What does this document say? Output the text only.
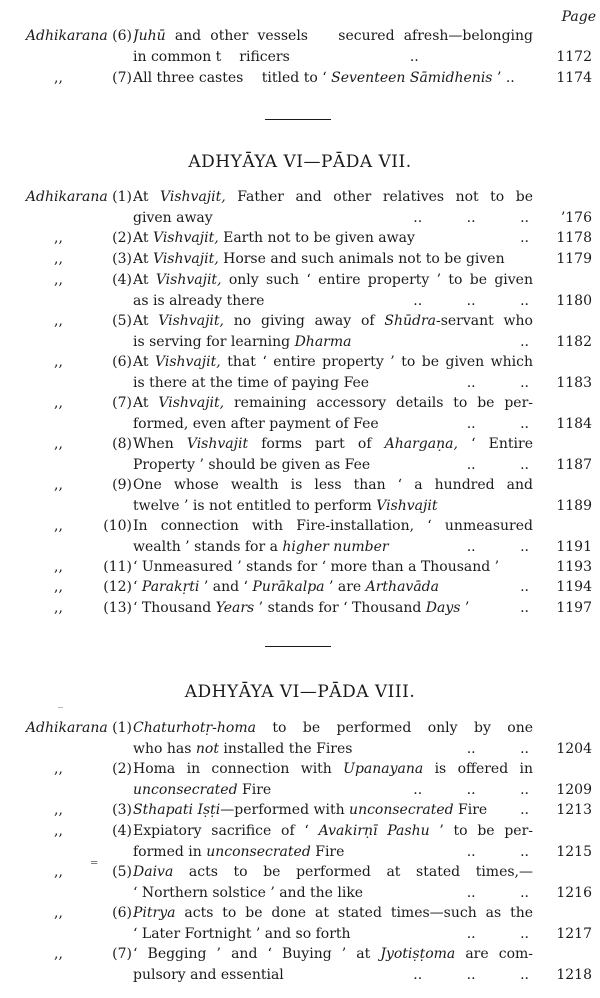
Page
Adhikarana (6) Juhū and other vessels  secured afresh—belonging
in common t rificers	..	1172
,,	(7) All three castes titled to ‘ Seventeen Sāmidhenis ’ ..	1174
ADHYĀYA VI—PĀDA VII.
Adhikarana (1) At Vishvajit, Father and other relatives not to be
given away	..          ..          ..	’176
,,	(2) At Vishvajit, Earth not to be given away	..	1178
,,	(3) At Vishvajit, Horse and such animals not to be given	1179
,,	(4) At Vishvajit, only such ‘ entire property ’ to be given
as is already there	..          ..          ..	1180
,,	(5) At Vishvajit, no giving away of Shūdra-servant who
is serving for learning Dharma	..	1182
,,	(6) At Vishvajit, that ‘ entire property ’ to be given which
is there at the time of paying Fee	..          ..	1183
,,	(7) At Vishvajit, remaining accessory details to be per-
formed, even after payment of Fee	..          ..	1184
,,	(8) When Vishvajit forms part of Ahargaṇa, ‘ Entire
Property ’ should be given as Fee	..          ..	1187
,,	(9) One whose wealth is less than ‘ a hundred and
twelve ’ is not entitled to perform Vishvajit	1189
,,	(10) In connection with Fire-installation, ‘ unmeasured
wealth ’ stands for a higher number	..          ..	1191
,,	(11) ‘ Unmeasured ’ stands for ‘ more than a Thousand ’	1193
,,	(12) ‘ Parakṛti ’ and ‘ Purākalpa ’ are Arthavāda	..	1194
,,	(13) ‘ Thousand Years ’ stands for ‘ Thousand Days ’	..	1197
ADHYĀYA VI—PĀDA VIII.
Adhikarana (1) Chaturhotṛ-homa to be performed only by one
who has not installed the Fires	..          ..	1204
,,	(2) Homa in connection with Upanayana is offered in
unconsecrated Fire	..          ..          ..	1209
,,	(3) Sthapati Iṣṭi—performed with unconsecrated Fire ..	1213
,,	(4) Expiatory sacrifice of ‘ Avakirṇī Pashu ’ to be per-
formed in unconsecrated Fire	..          ..	1215
,,	(5) Daiva acts to be performed at stated times,—
‘ Northern solstice ’ and the like	..          ..	1216
,,	(6) Pitrya acts to be done at stated times—such as the
‘ Later Fortnight ’ and so forth	..          ..	1217
,,	(7) ‘ Begging ’ and ‘ Buying ’ at Jyotiṣṭoma are com-
pulsory and essential	..          ..          ..	1218
‾
=
